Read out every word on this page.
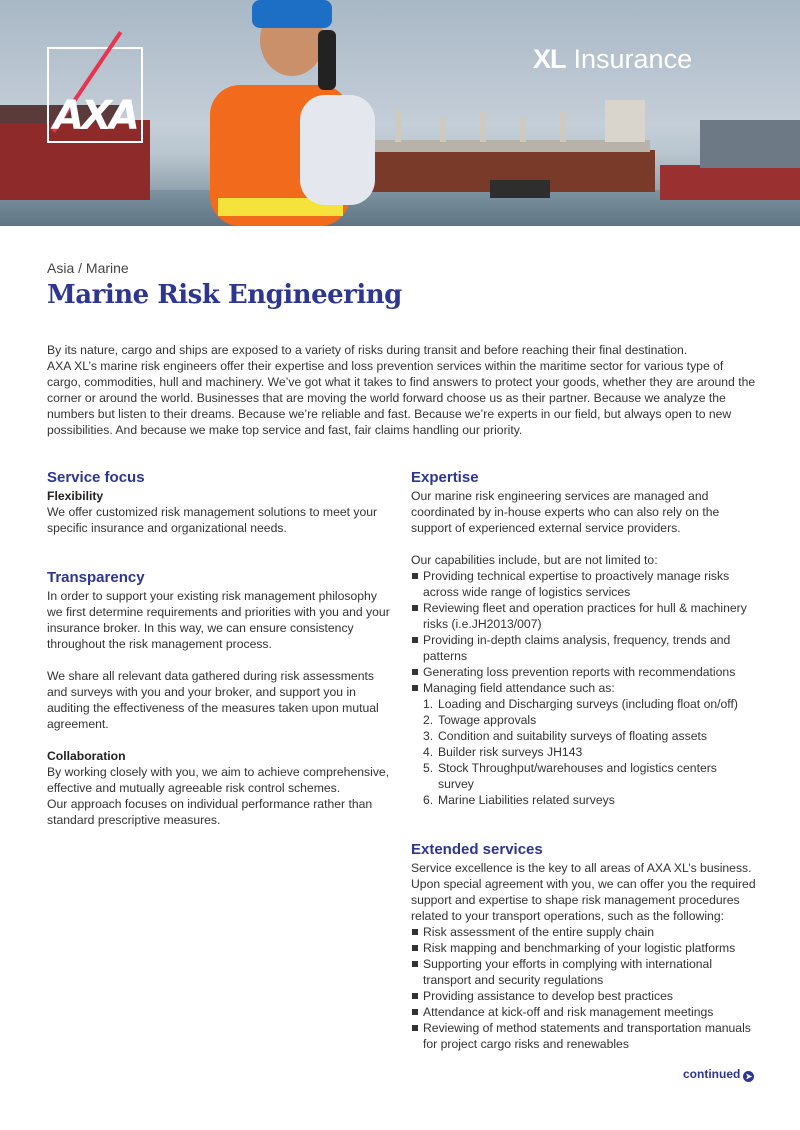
AXA
XL Insurance
Asia / Marine
Marine Risk Engineering

By its nature, cargo and ships are exposed to a variety of risks during transit and before reaching their final destination.

AXA XL’s marine risk engineers offer their expertise and loss prevention services within the maritime sector for various type of cargo, commodities, hull and machinery. We’ve got what it takes to find answers to protect your goods, whether they are around the corner or around the world. Businesses that are moving the world forward choose us as their partner. Because we analyze the numbers but listen to their dreams. Because we’re reliable and fast. Because we’re experts in our field, but always open to new possibilities. And because we make top service and fast, fair claims handling our priority.

Service focus
Flexibility

We offer customized risk management solutions to meet your specific insurance and organizational needs.

Transparency

In order to support your existing risk management philosophy we first determine requirements and priorities with you and your insurance broker. In this way, we can ensure consistency throughout the risk management process.

We share all relevant data gathered during risk assessments and surveys with you and your broker, and support you in auditing the effectiveness of the measures taken upon mutual agreement.

Collaboration

By working closely with you, we aim to achieve comprehensive, effective and mutually agreeable risk control schemes.

Our approach focuses on individual performance rather than standard prescriptive measures.

Expertise

Our marine risk engineering services are managed and coordinated by in-house experts who can also rely on the support of experienced external service providers.

Our capabilities include, but are not limited to:

Providing technical expertise to proactively manage risks across wide range of logistics services
Reviewing fleet and operation practices for hull & machinery risks (i.e.JH2013/007)
Providing in-depth claims analysis, frequency, trends and patterns
Generating loss prevention reports with recommendations
Managing field attendance such as:
1. Loading and Discharging surveys (including float on/off)
2. Towage approvals
3. Condition and suitability surveys of floating assets
4. Builder risk surveys JH143
5. Stock Throughput/warehouses and logistics centers survey
6. Marine Liabilities related surveys
Extended services

Service excellence is the key to all areas of AXA XL’s business. Upon special agreement with you, we can offer you the required support and expertise to shape risk management procedures related to your transport operations, such as the following:

Risk assessment of the entire supply chain
Risk mapping and benchmarking of your logistic platforms
Supporting your efforts in complying with international transport and security regulations
Providing assistance to develop best practices
Attendance at kick-off and risk management meetings
Reviewing of method statements and transportation manuals for project cargo risks and renewables
continued ➤
